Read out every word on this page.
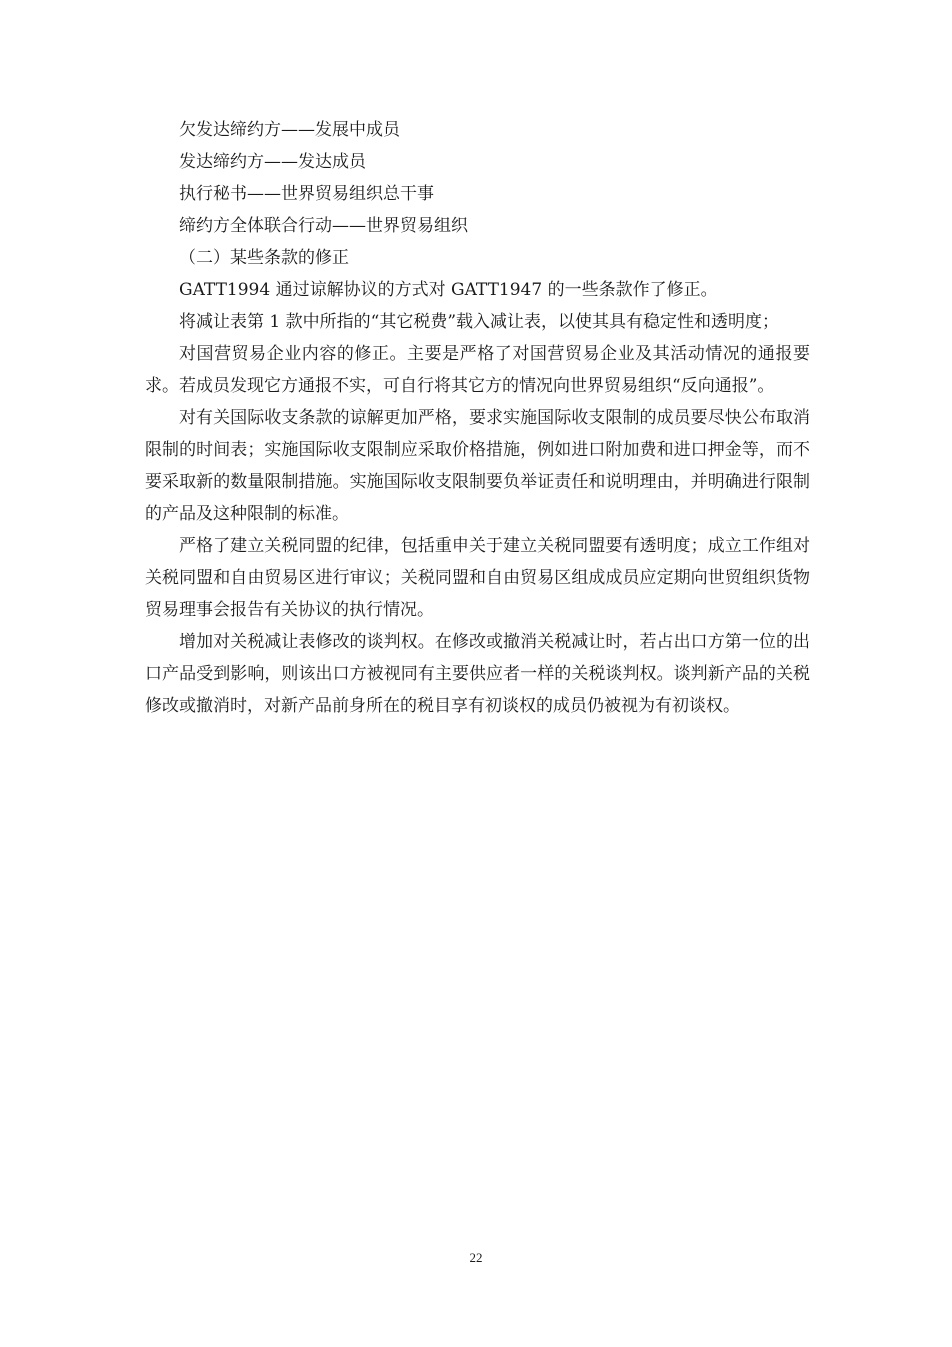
欠发达缔约方——发展中成员
发达缔约方——发达成员
执行秘书——世界贸易组织总干事
缔约方全体联合行动——世界贸易组织
（二）某些条款的修正
GATT1994 通过谅解协议的方式对 GATT1947 的一些条款作了修正。

将减让表第 1 款中所指的“其它税费”载入减让表，以使其具有稳定性和透明度；

对国营贸易企业内容的修正。主要是严格了对国营贸易企业及其活动情况的通报要求。若成员发现它方通报不实，可自行将其它方的情况向世界贸易组织“反向通报”。

对有关国际收支条款的谅解更加严格，要求实施国际收支限制的成员要尽快公布取消限制的时间表；实施国际收支限制应采取价格措施，例如进口附加费和进口押金等，而不要采取新的数量限制措施。实施国际收支限制要负举证责任和说明理由，并明确进行限制的产品及这种限制的标准。

严格了建立关税同盟的纪律，包括重申关于建立关税同盟要有透明度；成立工作组对关税同盟和自由贸易区进行审议；关税同盟和自由贸易区组成成员应定期向世贸组织货物贸易理事会报告有关协议的执行情况。

增加对关税减让表修改的谈判权。在修改或撤消关税减让时，若占出口方第一位的出口产品受到影响，则该出口方被视同有主要供应者一样的关税谈判权。谈判新产品的关税修改或撤消时，对新产品前身所在的税目享有初谈权的成员仍被视为有初谈权。

22
